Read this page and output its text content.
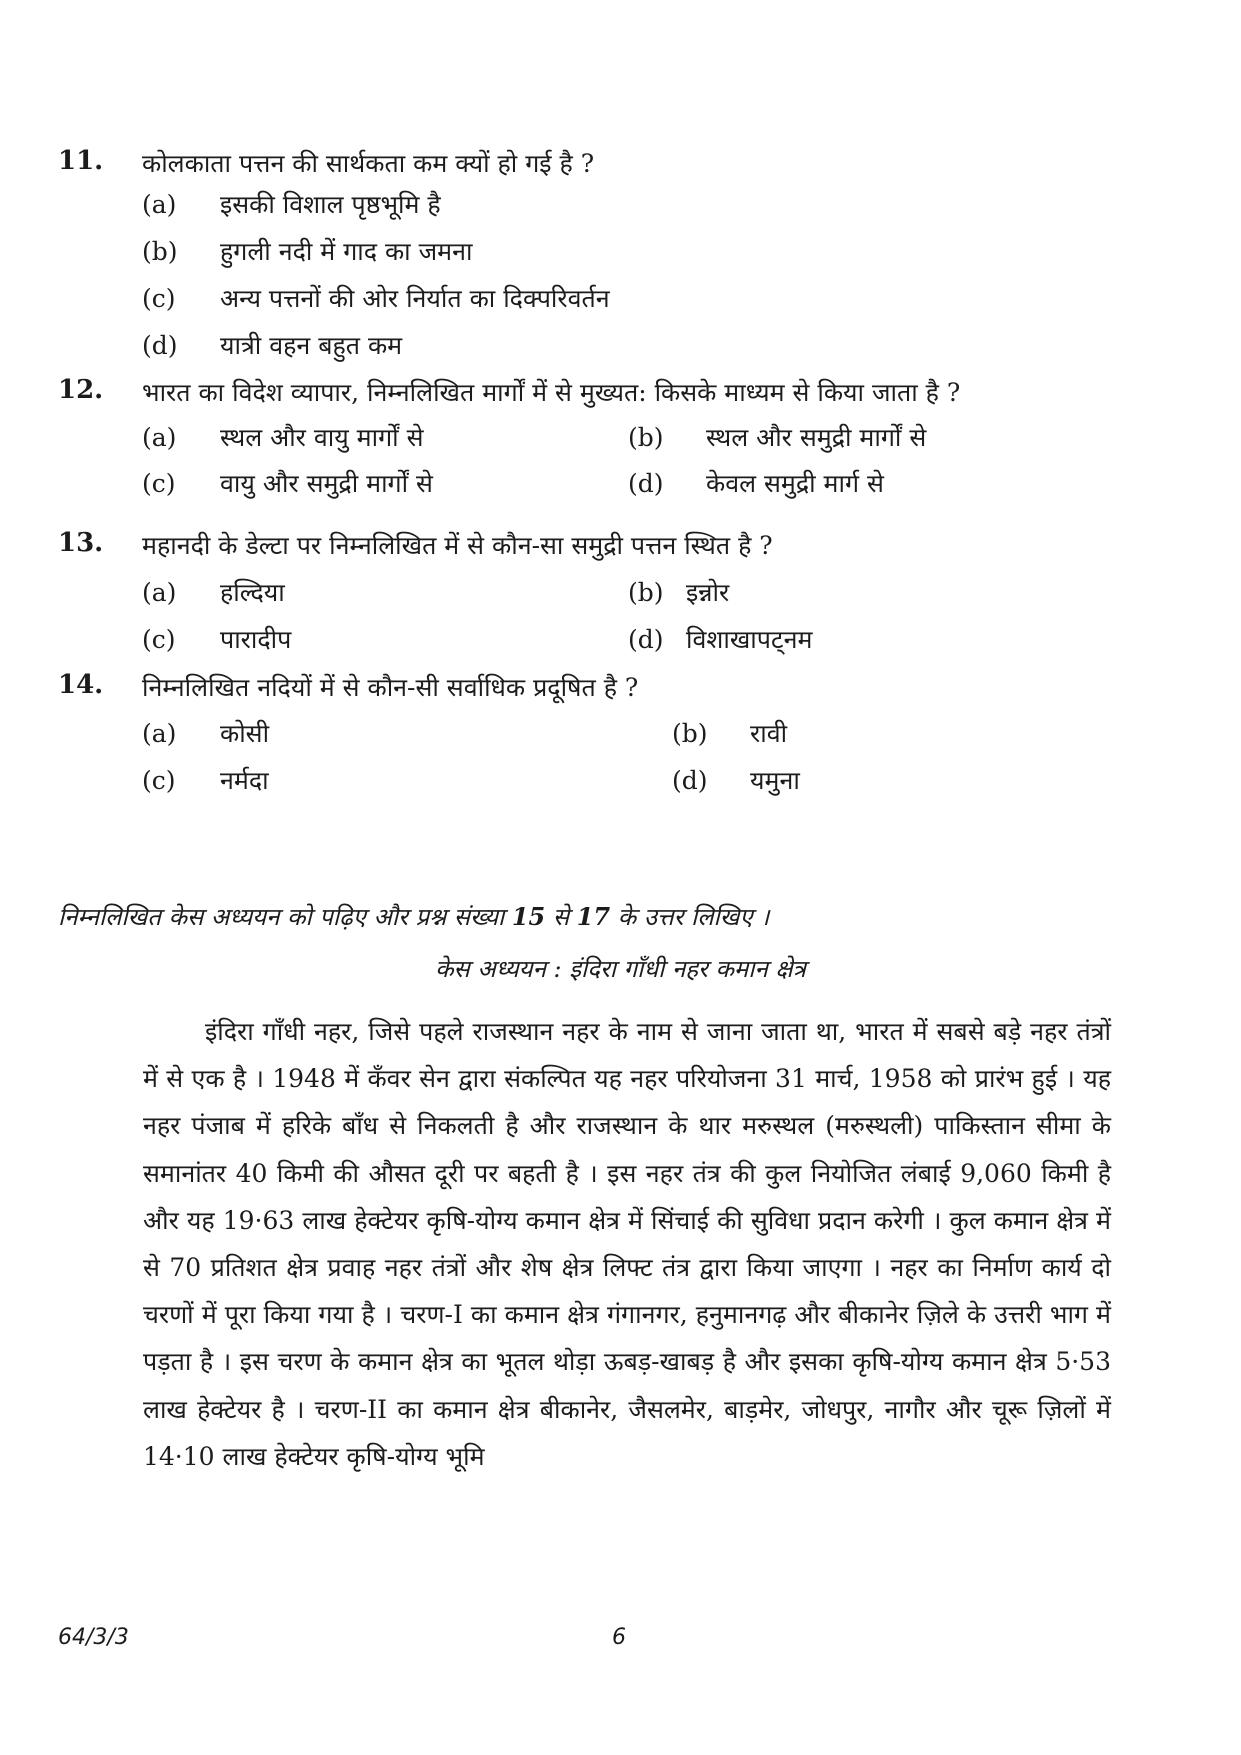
11. कोलकाता पत्तन की सार्थकता कम क्यों हो गई है ?
(a) इसकी विशाल पृष्ठभूमि है
(b) हुगली नदी में गाद का जमना
(c) अन्य पत्तनों की ओर निर्यात का दिक्परिवर्तन
(d) यात्री वहन बहुत कम
12. भारत का विदेश व्यापार, निम्नलिखित मार्गों में से मुख्यत: किसके माध्यम से किया जाता है ?
(a) स्थल और वायु मार्गों से	(b) स्थल और समुद्री मार्गों से
(c) वायु और समुद्री मार्गों से	(d) केवल समुद्री मार्ग से
13. महानदी के डेल्टा पर निम्नलिखित में से कौन-सा समुद्री पत्तन स्थित है ?
(a) हल्दिया	(b) इन्नोर
(c) पारादीप	(d) विशाखापट्नम
14. निम्नलिखित नदियों में से कौन-सी सर्वाधिक प्रदूषित है ?
(a) कोसी	(b) रावी
(c) नर्मदा	(d) यमुना
निम्नलिखित केस अध्ययन को पढ़िए और प्रश्न संख्या 15 से 17 के उत्तर लिखिए ।
केस अध्ययन : इंदिरा गाँधी नहर कमान क्षेत्र

इंदिरा गाँधी नहर, जिसे पहले राजस्थान नहर के नाम से जाना जाता था, भारत में सबसे बड़े नहर तंत्रों में से एक है । 1948 में कँवर सेन द्वारा संकल्पित यह नहर परियोजना 31 मार्च, 1958 को प्रारंभ हुई । यह नहर पंजाब में हरिके बाँध से निकलती है और राजस्थान के थार मरुस्थल (मरुस्थली) पाकिस्तान सीमा के समानांतर 40 किमी की औसत दूरी पर बहती है । इस नहर तंत्र की कुल नियोजित लंबाई 9,060 किमी है और यह 19·63 लाख हेक्टेयर कृषि-योग्य कमान क्षेत्र में सिंचाई की सुविधा प्रदान करेगी । कुल कमान क्षेत्र में से 70 प्रतिशत क्षेत्र प्रवाह नहर तंत्रों और शेष क्षेत्र लिफ्ट तंत्र द्वारा किया जाएगा । नहर का निर्माण कार्य दो चरणों में पूरा किया गया है । चरण-I का कमान क्षेत्र गंगानगर, हनुमानगढ़ और बीकानेर ज़िले के उत्तरी भाग में पड़ता है । इस चरण के कमान क्षेत्र का भूतल थोड़ा ऊबड़-खाबड़ है और इसका कृषि-योग्य कमान क्षेत्र 5·53 लाख हेक्टेयर है । चरण-II का कमान क्षेत्र बीकानेर, जैसलमेर, बाड़मेर, जोधपुर, नागौर और चूरू ज़िलों में 14·10 लाख हेक्टेयर कृषि-योग्य भूमि

64/3/3	6
